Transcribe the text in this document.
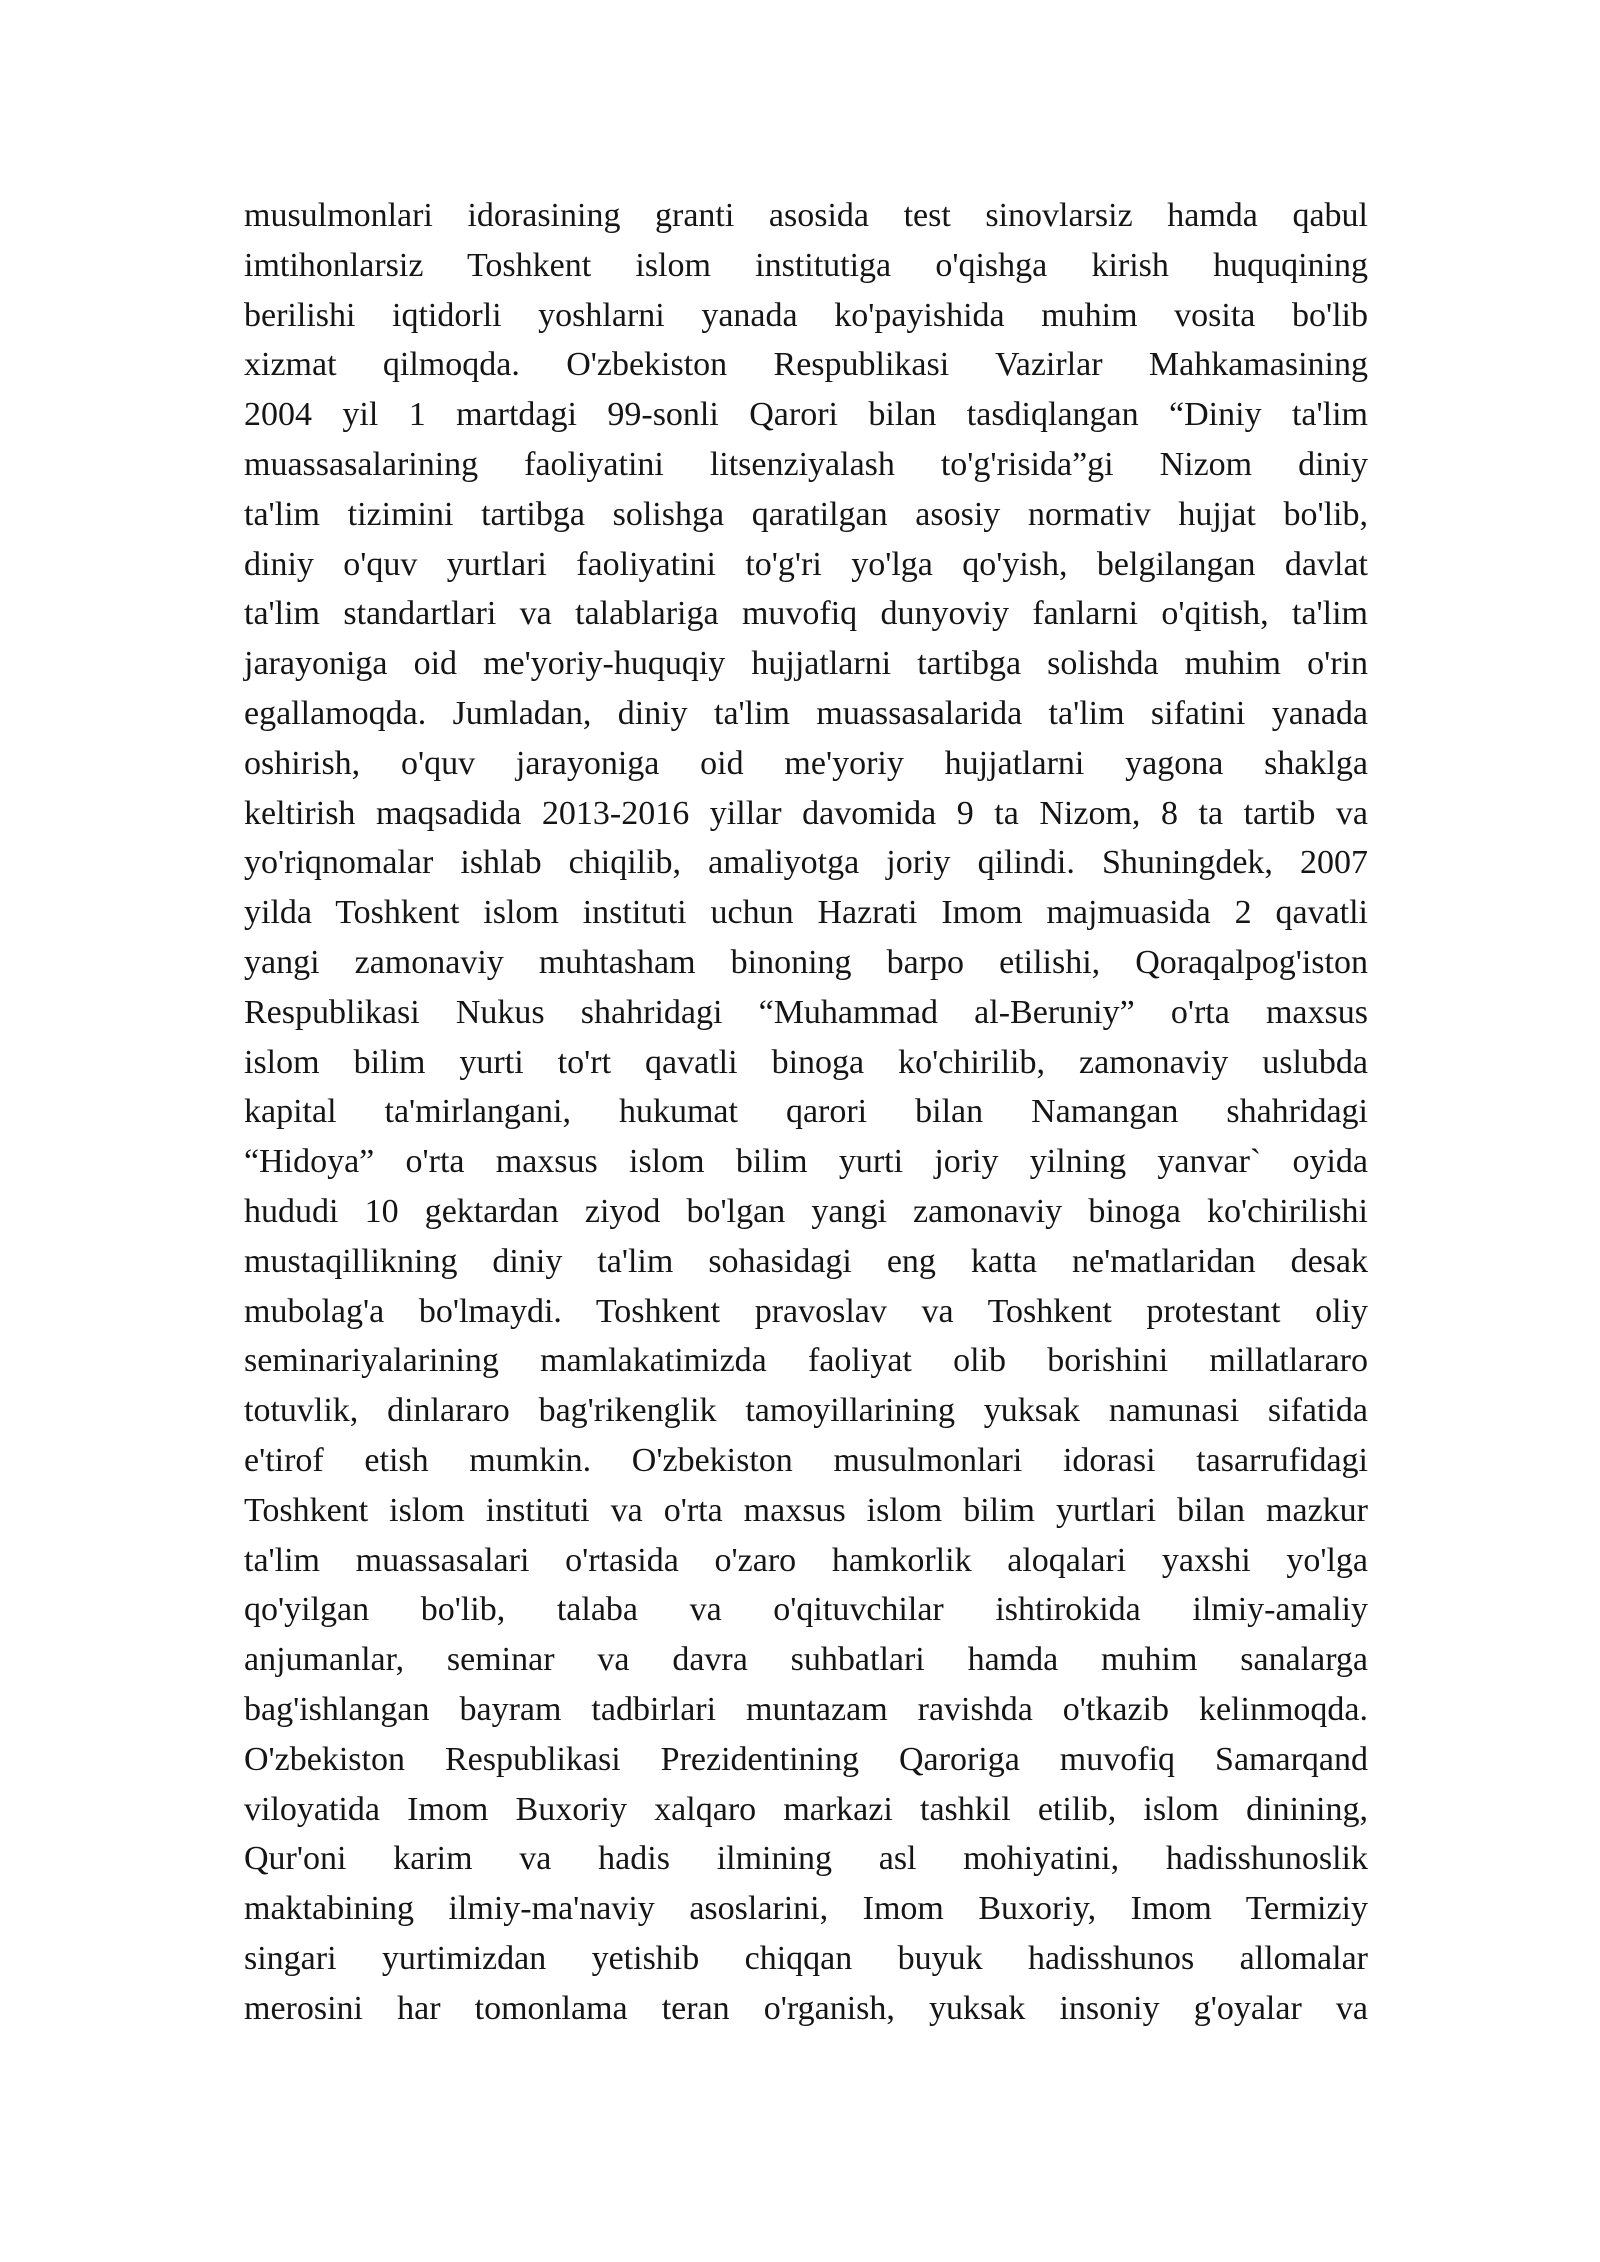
musulmonlari idorasining granti asosida test sinovlarsiz hamda qabul
imtihonlarsiz Toshkent islom institutiga o'qishga kirish huquqining
berilishi iqtidorli yoshlarni yanada ko'payishida muhim vosita bo'lib
xizmat qilmoqda. O'zbekiston Respublikasi Vazirlar Mahkamasining
2004 yil 1 martdagi 99-sonli Qarori bilan tasdiqlangan “Diniy ta'lim
muassasalarining faoliyatini litsenziyalash to'g'risida”gi Nizom diniy
ta'lim tizimini tartibga solishga qaratilgan asosiy normativ hujjat bo'lib,
diniy o'quv yurtlari faoliyatini to'g'ri yo'lga qo'yish, belgilangan davlat
ta'lim standartlari va talablariga muvofiq dunyoviy fanlarni o'qitish, ta'lim
jarayoniga oid me'yoriy-huquqiy hujjatlarni tartibga solishda muhim o'rin
egallamoqda. Jumladan, diniy ta'lim muassasalarida ta'lim sifatini yanada
oshirish, o'quv jarayoniga oid me'yoriy hujjatlarni yagona shaklga
keltirish maqsadida 2013-2016 yillar davomida 9 ta Nizom, 8 ta tartib va
yo'riqnomalar ishlab chiqilib, amaliyotga joriy qilindi. Shuningdek, 2007
yilda Toshkent islom instituti uchun Hazrati Imom majmuasida 2 qavatli
yangi zamonaviy muhtasham binoning barpo etilishi, Qoraqalpog'iston
Respublikasi Nukus shahridagi “Muhammad al-Beruniy” o'rta maxsus
islom bilim yurti to'rt qavatli binoga ko'chirilib, zamonaviy uslubda
kapital ta'mirlangani, hukumat qarori bilan Namangan shahridagi
“Hidoya” o'rta maxsus islom bilim yurti joriy yilning yanvar` oyida
hududi 10 gektardan ziyod bo'lgan yangi zamonaviy binoga ko'chirilishi
mustaqillikning diniy ta'lim sohasidagi eng katta ne'matlaridan desak
mubolag'a bo'lmaydi. Toshkent pravoslav va Toshkent protestant oliy
seminariyalarining mamlakatimizda faoliyat olib borishini millatlararo
totuvlik, dinlararo bag'rikenglik tamoyillarining yuksak namunasi sifatida
e'tirof etish mumkin. O'zbekiston musulmonlari idorasi tasarrufidagi
Toshkent islom instituti va o'rta maxsus islom bilim yurtlari bilan mazkur
ta'lim muassasalari o'rtasida o'zaro hamkorlik aloqalari yaxshi yo'lga
qo'yilgan bo'lib, talaba va o'qituvchilar ishtirokida ilmiy-amaliy
anjumanlar, seminar va davra suhbatlari hamda muhim sanalarga
bag'ishlangan bayram tadbirlari muntazam ravishda o'tkazib kelinmoqda.
O'zbekiston Respublikasi Prezidentining Qaroriga muvofiq Samarqand
viloyatida Imom Buxoriy xalqaro markazi tashkil etilib, islom dinining,
Qur'oni karim va hadis ilmining asl mohiyatini, hadisshunoslik
maktabining ilmiy-ma'naviy asoslarini, Imom Buxoriy, Imom Termiziy
singari yurtimizdan yetishib chiqqan buyuk hadisshunos allomalar
merosini har tomonlama teran o'rganish, yuksak insoniy g'oyalar va
